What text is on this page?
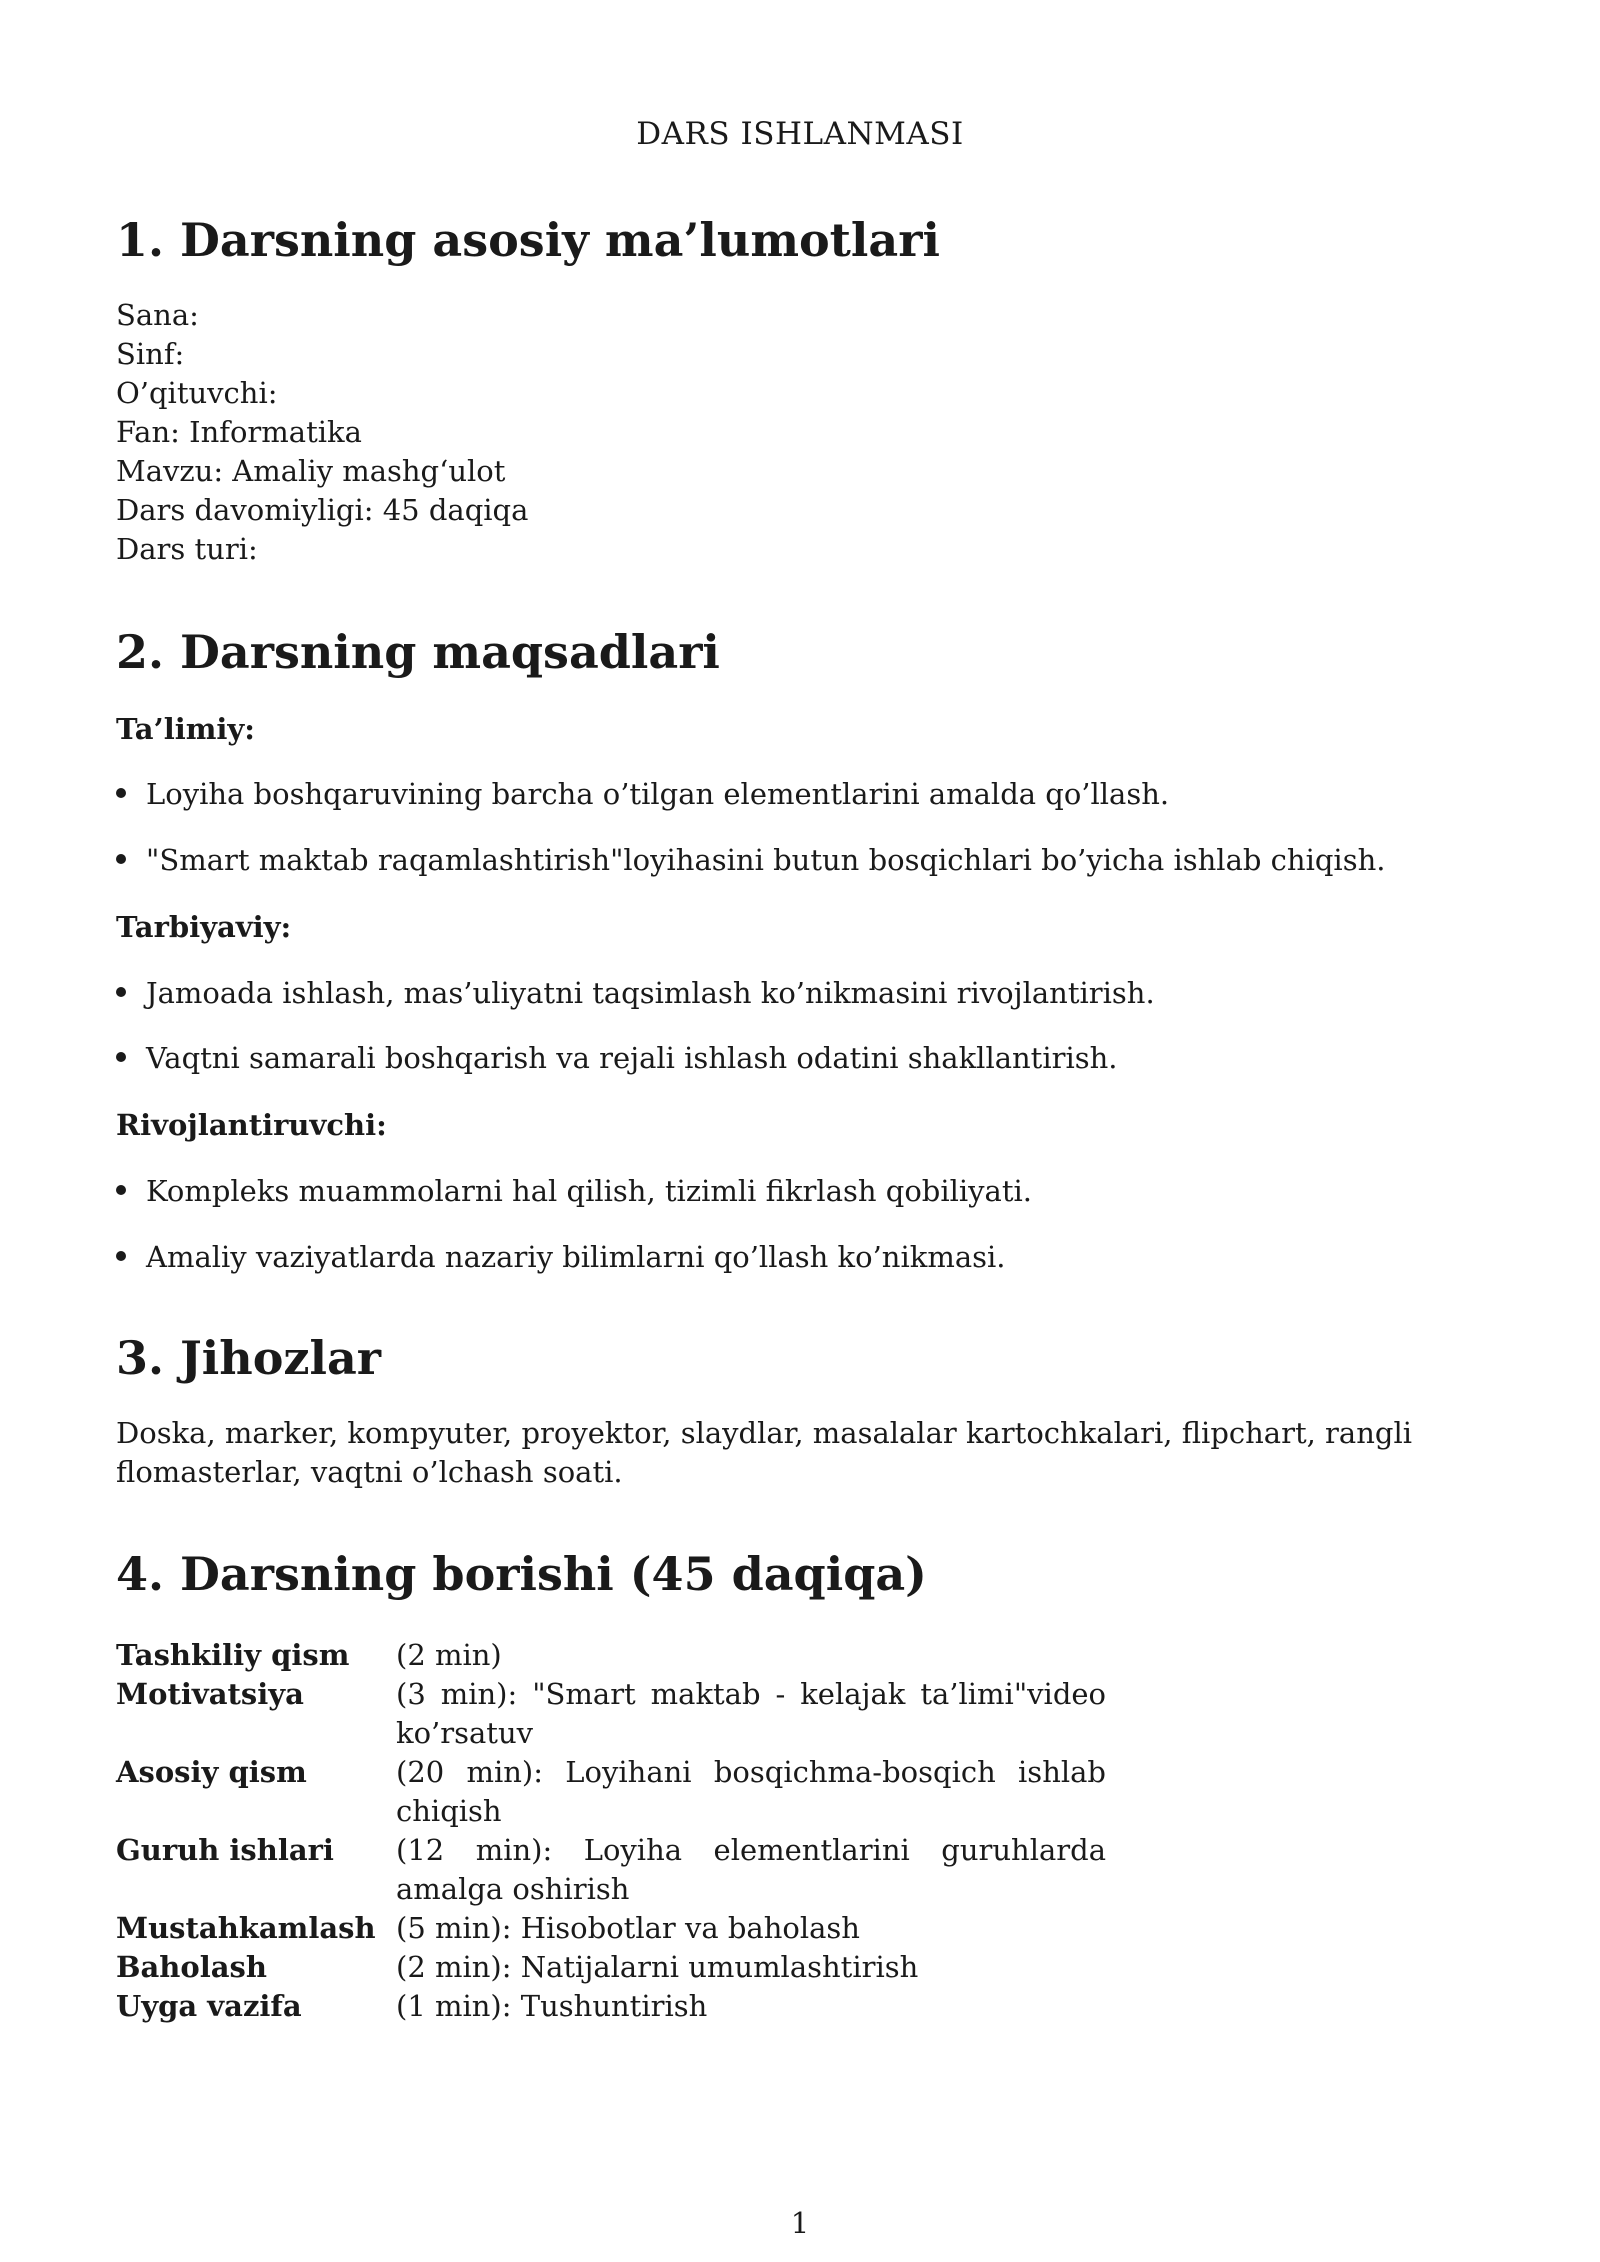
DARS ISHLANMASI
1. Darsning asosiy ma’lumotlari
Sana:
Sinf:
O’qituvchi:
Fan: Informatika
Mavzu: Amaliy mashg‘ulot
Dars davomiyligi: 45 daqiqa
Dars turi:
2. Darsning maqsadlari
Ta’limiy:
Loyiha boshqaruvining barcha o’tilgan elementlarini amalda qo’llash.
"Smart maktab raqamlashtirish"loyihasini butun bosqichlari bo’yicha ishlab chiqish.
Tarbiyaviy:
Jamoada ishlash, mas’uliyatni taqsimlash ko’nikmasini rivojlantirish.
Vaqtni samarali boshqarish va rejali ishlash odatini shakllantirish.
Rivojlantiruvchi:
Kompleks muammolarni hal qilish, tizimli fikrlash qobiliyati.
Amaliy vaziyatlarda nazariy bilimlarni qo’llash ko’nikmasi.
3. Jihozlar
Doska, marker, kompyuter, proyektor, slaydlar, masalalar kartochkalari, flipchart, rangli flomasterlar, vaqtni o’lchash soati.
4. Darsning borishi (45 daqiqa)
Tashkiliy qism	(2 min)
Motivatsiya	(3 min): "Smart maktab - kelajak ta’limi"video ko’rsatuv
Asosiy qism	(20 min): Loyihani bosqichma-bosqich ishlab chiqish
Guruh ishlari	(12 min): Loyiha elementlarini guruhlarda amalga oshirish
Mustahkamlash (5 min): Hisobotlar va baholash
Baholash	(2 min): Natijalarni umumlashtirish
Uyga vazifa	(1 min): Tushuntirish
1
